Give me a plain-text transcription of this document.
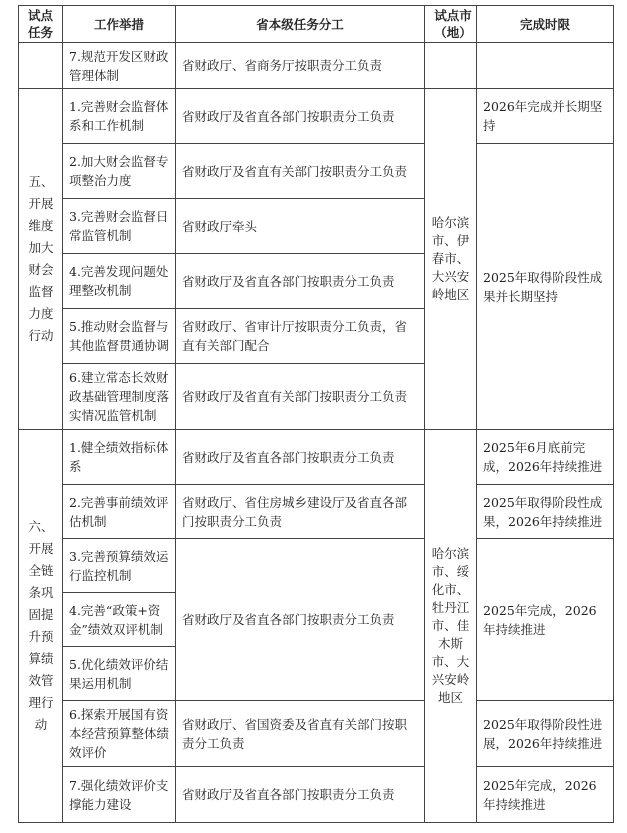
试点任务	工作举措	省本级任务分工	试点市（地）	完成时限
	7.规范开发区财政管理体制	省财政厅、省商务厅按职责分工负责		
五、开展维度加大财会监督力度行动	1.完善财会监督体系和工作机制	省财政厅及省直各部门按职责分工负责	哈尔滨市、伊春市、大兴安岭地区	2026年完成并长期坚持
	2.加大财会监督专项整治力度	省财政厅及省直有关部门按职责分工负责		2025年取得阶段性成果并长期坚持
	3.完善财会监督日常监管机制	省财政厅牵头		
	4.完善发现问题处理整改机制	省财政厅及省直各部门按职责分工负责		
	5.推动财会监督与其他监督贯通协调	省财政厅、省审计厅按职责分工负责，省直有关部门配合		
	6.建立常态长效财政基础管理制度落实情况监管机制	省财政厅及省直有关部门按职责分工负责		
六、开展全链条巩固提升预算绩效管理行动	1.健全绩效指标体系	省财政厅及省直各部门按职责分工负责	哈尔滨市、绥化市、牡丹江市、佳木斯市、大兴安岭地区	2025年6月底前完成，2026年持续推进
	2.完善事前绩效评估机制	省财政厅、省住房城乡建设厅及省直各部门按职责分工负责		2025年取得阶段性成果，2026年持续推进
	3.完善预算绩效运行监控机制	省财政厅及省直各部门按职责分工负责		2025年完成，2026年持续推进
	4.完善“政策+资金”绩效双评机制			
	5.优化绩效评价结果运用机制			
	6.探索开展国有资本经营预算整体绩效评价	省财政厅、省国资委及省直有关部门按职责分工负责		2025年取得阶段性进展，2026年持续推进
	7.强化绩效评价支撑能力建设	省财政厅及省直各部门按职责分工负责		2025年完成，2026年持续推进
